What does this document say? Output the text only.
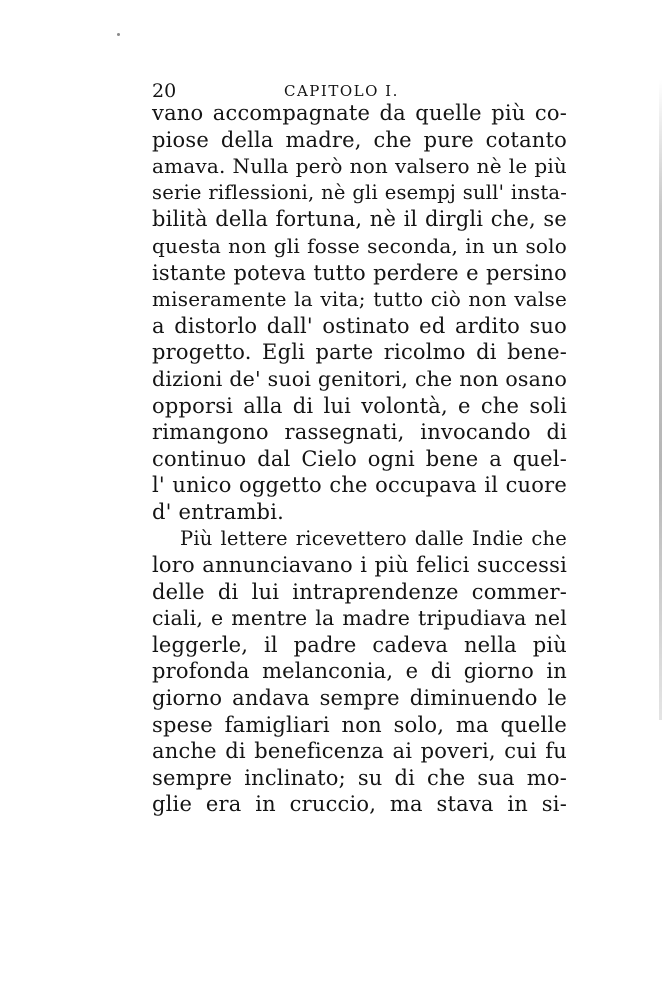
20	CAPITOLO I.
vano accompagnate da quelle più co-
piose della madre, che pure cotanto
amava. Nulla però non valsero nè le più
serie riflessioni, nè gli esempj sull' insta-
bilità della fortuna, nè il dirgli che, se
questa non gli fosse seconda, in un solo
istante poteva tutto perdere e persino
miseramente la vita; tutto ciò non valse
a distorlo dall' ostinato ed ardito suo
progetto. Egli parte ricolmo di bene-
dizioni de' suoi genitori, che non osano
opporsi alla di lui volontà, e che soli
rimangono rassegnati, invocando di
continuo dal Cielo ogni bene a quel-
l' unico oggetto che occupava il cuore
d' entrambi.
Più lettere ricevettero dalle Indie che
loro annunciavano i più felici successi
delle di lui intraprendenze commer-
ciali, e mentre la madre tripudiava nel
leggerle, il padre cadeva nella più
profonda melanconia, e di giorno in
giorno andava sempre diminuendo le
spese famigliari non solo, ma quelle
anche di beneficenza ai poveri, cui fu
sempre inclinato; su di che sua mo-
glie era in cruccio, ma stava in si-
